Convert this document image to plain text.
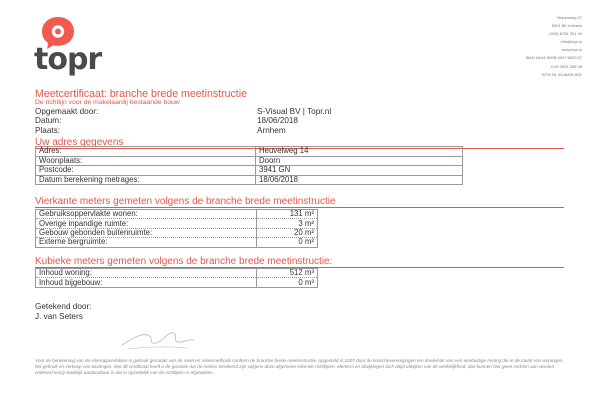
topr
Velpenweg 27
6901 BK Arnhem
(026) 8781 001 40
info@topr.nl
www.topr.nl
IBAN NL64 INGB 0007 6600 57
KvK 0901 338 08
BTW NL 8146456 B01
Meetcertificaat: branche brede meetinstructie
De richtlijn voor de makelaardij bestaande bouw
Opgemaakt door:	S-Visual BV | Topr.nl
Datum:	18/06/2018
Plaats:	Arnhem
Uw adres gegevens
Adres:	Heuvelweg 14
Woonplaats:	Doorn
Postcode:	3941 GN
Datum berekening metrages:	18/06/2018
Vierkante meters gemeten volgens de branche brede meetinstructie
Gebruiksoppervlakte wonen:	131 m²
Overige inpandige ruimte:	3 m²
Gebouw gebonden buitenruimte:	20 m²
Externe bergruimte:	0 m²
Kubieke meters gemeten volgens de branche brede meetinstructie:
Inhoud woning:	512 m³
Inhoud bijgebouw:	0 m³
Getekend door:
J. van Seters
Voor de berekening van de vloeroppervlakten is gebruik gemaakt van de meet en rekenmethode conform de branche brede meetinstructie, opgesteld in 2007 door de brancheverenigingen ten doeleinde van een eenduidige meting die in de markt van woningen, het gebruik en verkoop van woningen. Met dit certificaat heeft u de garantie dat de meters berekend zijn volgens deze algemeen erkende richtlijnen. Merkers en afwijkingen toch altijd afwijken van de werkelijkheid, dan kunnen hier geen rechten aan worden ontleend tenzij duidelijk aantoonbaar is dat er opzettelijk van de richtlijnen is afgeweken.
